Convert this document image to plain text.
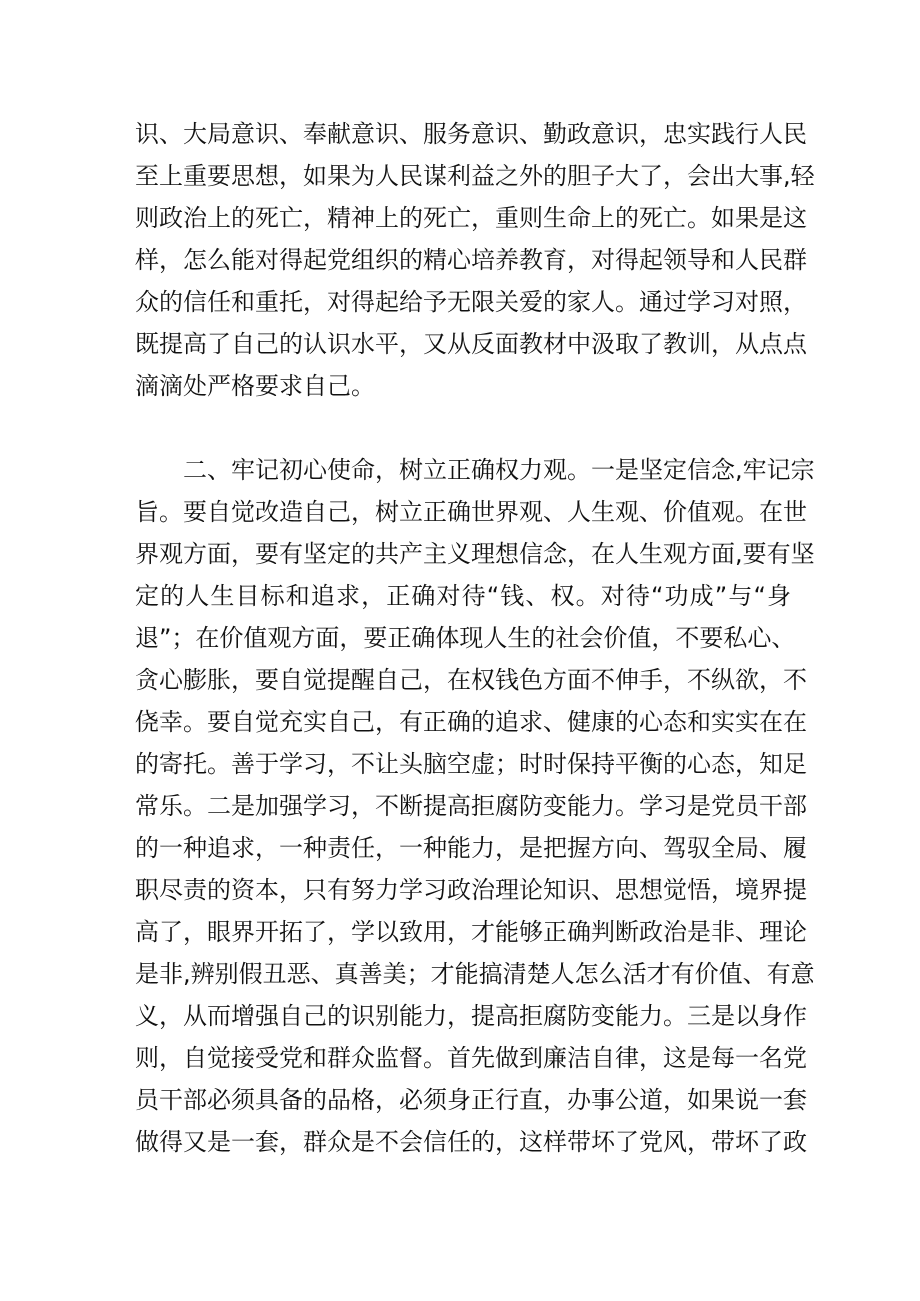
识、大局意识、奉献意识、服务意识、勤政意识，忠实践行人民
至上重要思想，如果为人民谋利益之外的胆子大了，会出大事,轻
则政治上的死亡，精神上的死亡，重则生命上的死亡。如果是这
样，怎么能对得起党组织的精心培养教育，对得起领导和人民群
众的信任和重托，对得起给予无限关爱的家人。通过学习对照，
既提高了自己的认识水平，又从反面教材中汲取了教训，从点点
滴滴处严格要求自己。
二、牢记初心使命，树立正确权力观。一是坚定信念,牢记宗
旨。要自觉改造自己，树立正确世界观、人生观、价值观。在世
界观方面，要有坚定的共产主义理想信念，在人生观方面,要有坚
定的人生目标和追求，正确对待“钱、权。对待“功成”与“身
退”；在价值观方面，要正确体现人生的社会价值，不要私心、
贪心膨胀，要自觉提醒自己，在权钱色方面不伸手，不纵欲，不
侥幸。要自觉充实自己，有正确的追求、健康的心态和实实在在
的寄托。善于学习，不让头脑空虚；时时保持平衡的心态，知足
常乐。二是加强学习，不断提高拒腐防变能力。学习是党员干部
的一种追求，一种责任，一种能力，是把握方向、驾驭全局、履
职尽责的资本，只有努力学习政治理论知识、思想觉悟，境界提
高了，眼界开拓了，学以致用，才能够正确判断政治是非、理论
是非,辨别假丑恶、真善美；才能搞清楚人怎么活才有价值、有意
义，从而增强自己的识别能力，提高拒腐防变能力。三是以身作
则，自觉接受党和群众监督。首先做到廉洁自律，这是每一名党
员干部必须具备的品格，必须身正行直，办事公道，如果说一套
做得又是一套，群众是不会信任的，这样带坏了党风，带坏了政
